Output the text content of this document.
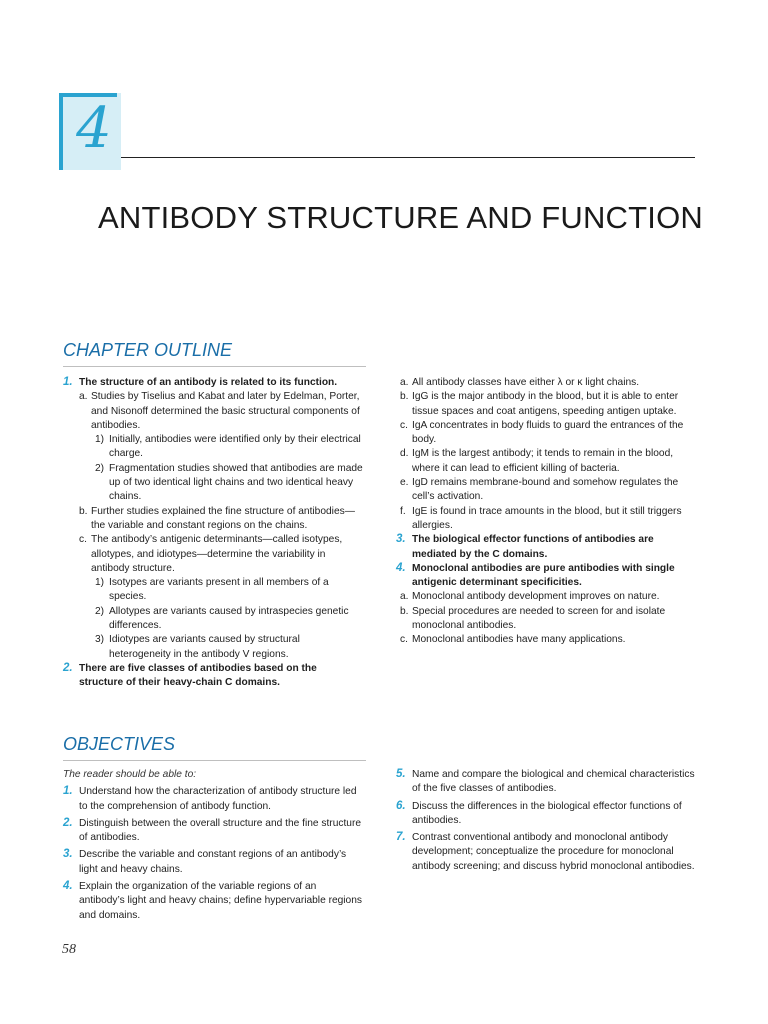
4
ANTIBODY STRUCTURE AND FUNCTION
CHAPTER OUTLINE
1. The structure of an antibody is related to its function.
a. Studies by Tiselius and Kabat and later by Edelman, Porter, and Nisonoff determined the basic structural components of antibodies.
1) Initially, antibodies were identified only by their electrical charge.
2) Fragmentation studies showed that antibodies are made up of two identical light chains and two identical heavy chains.
b. Further studies explained the fine structure of antibodies—the variable and constant regions on the chains.
c. The antibody’s antigenic determinants—called isotypes, allotypes, and idiotypes—determine the variability in antibody structure.
1) Isotypes are variants present in all members of a species.
2) Allotypes are variants caused by intraspecies genetic differences.
3) Idiotypes are variants caused by structural heterogeneity in the antibody V regions.
2. There are five classes of antibodies based on the structure of their heavy-chain C domains.
a. All antibody classes have either λ or κ light chains.
b. IgG is the major antibody in the blood, but it is able to enter tissue spaces and coat antigens, speeding antigen uptake.
c. IgA concentrates in body fluids to guard the entrances of the body.
d. IgM is the largest antibody; it tends to remain in the blood, where it can lead to efficient killing of bacteria.
e. IgD remains membrane-bound and somehow regulates the cell’s activation.
f. IgE is found in trace amounts in the blood, but it still triggers allergies.
3. The biological effector functions of antibodies are mediated by the C domains.
4. Monoclonal antibodies are pure antibodies with single antigenic determinant specificities.
a. Monoclonal antibody development improves on nature.
b. Special procedures are needed to screen for and isolate monoclonal antibodies.
c. Monoclonal antibodies have many applications.
OBJECTIVES
The reader should be able to:
1. Understand how the characterization of antibody structure led to the comprehension of antibody function.
2. Distinguish between the overall structure and the fine structure of antibodies.
3. Describe the variable and constant regions of an antibody’s light and heavy chains.
4. Explain the organization of the variable regions of an antibody’s light and heavy chains; define hypervariable regions and domains.
5. Name and compare the biological and chemical characteristics of the five classes of antibodies.
6. Discuss the differences in the biological effector functions of antibodies.
7. Contrast conventional antibody and monoclonal antibody development; conceptualize the procedure for monoclonal antibody screening; and discuss hybrid monoclonal antibodies.
58
